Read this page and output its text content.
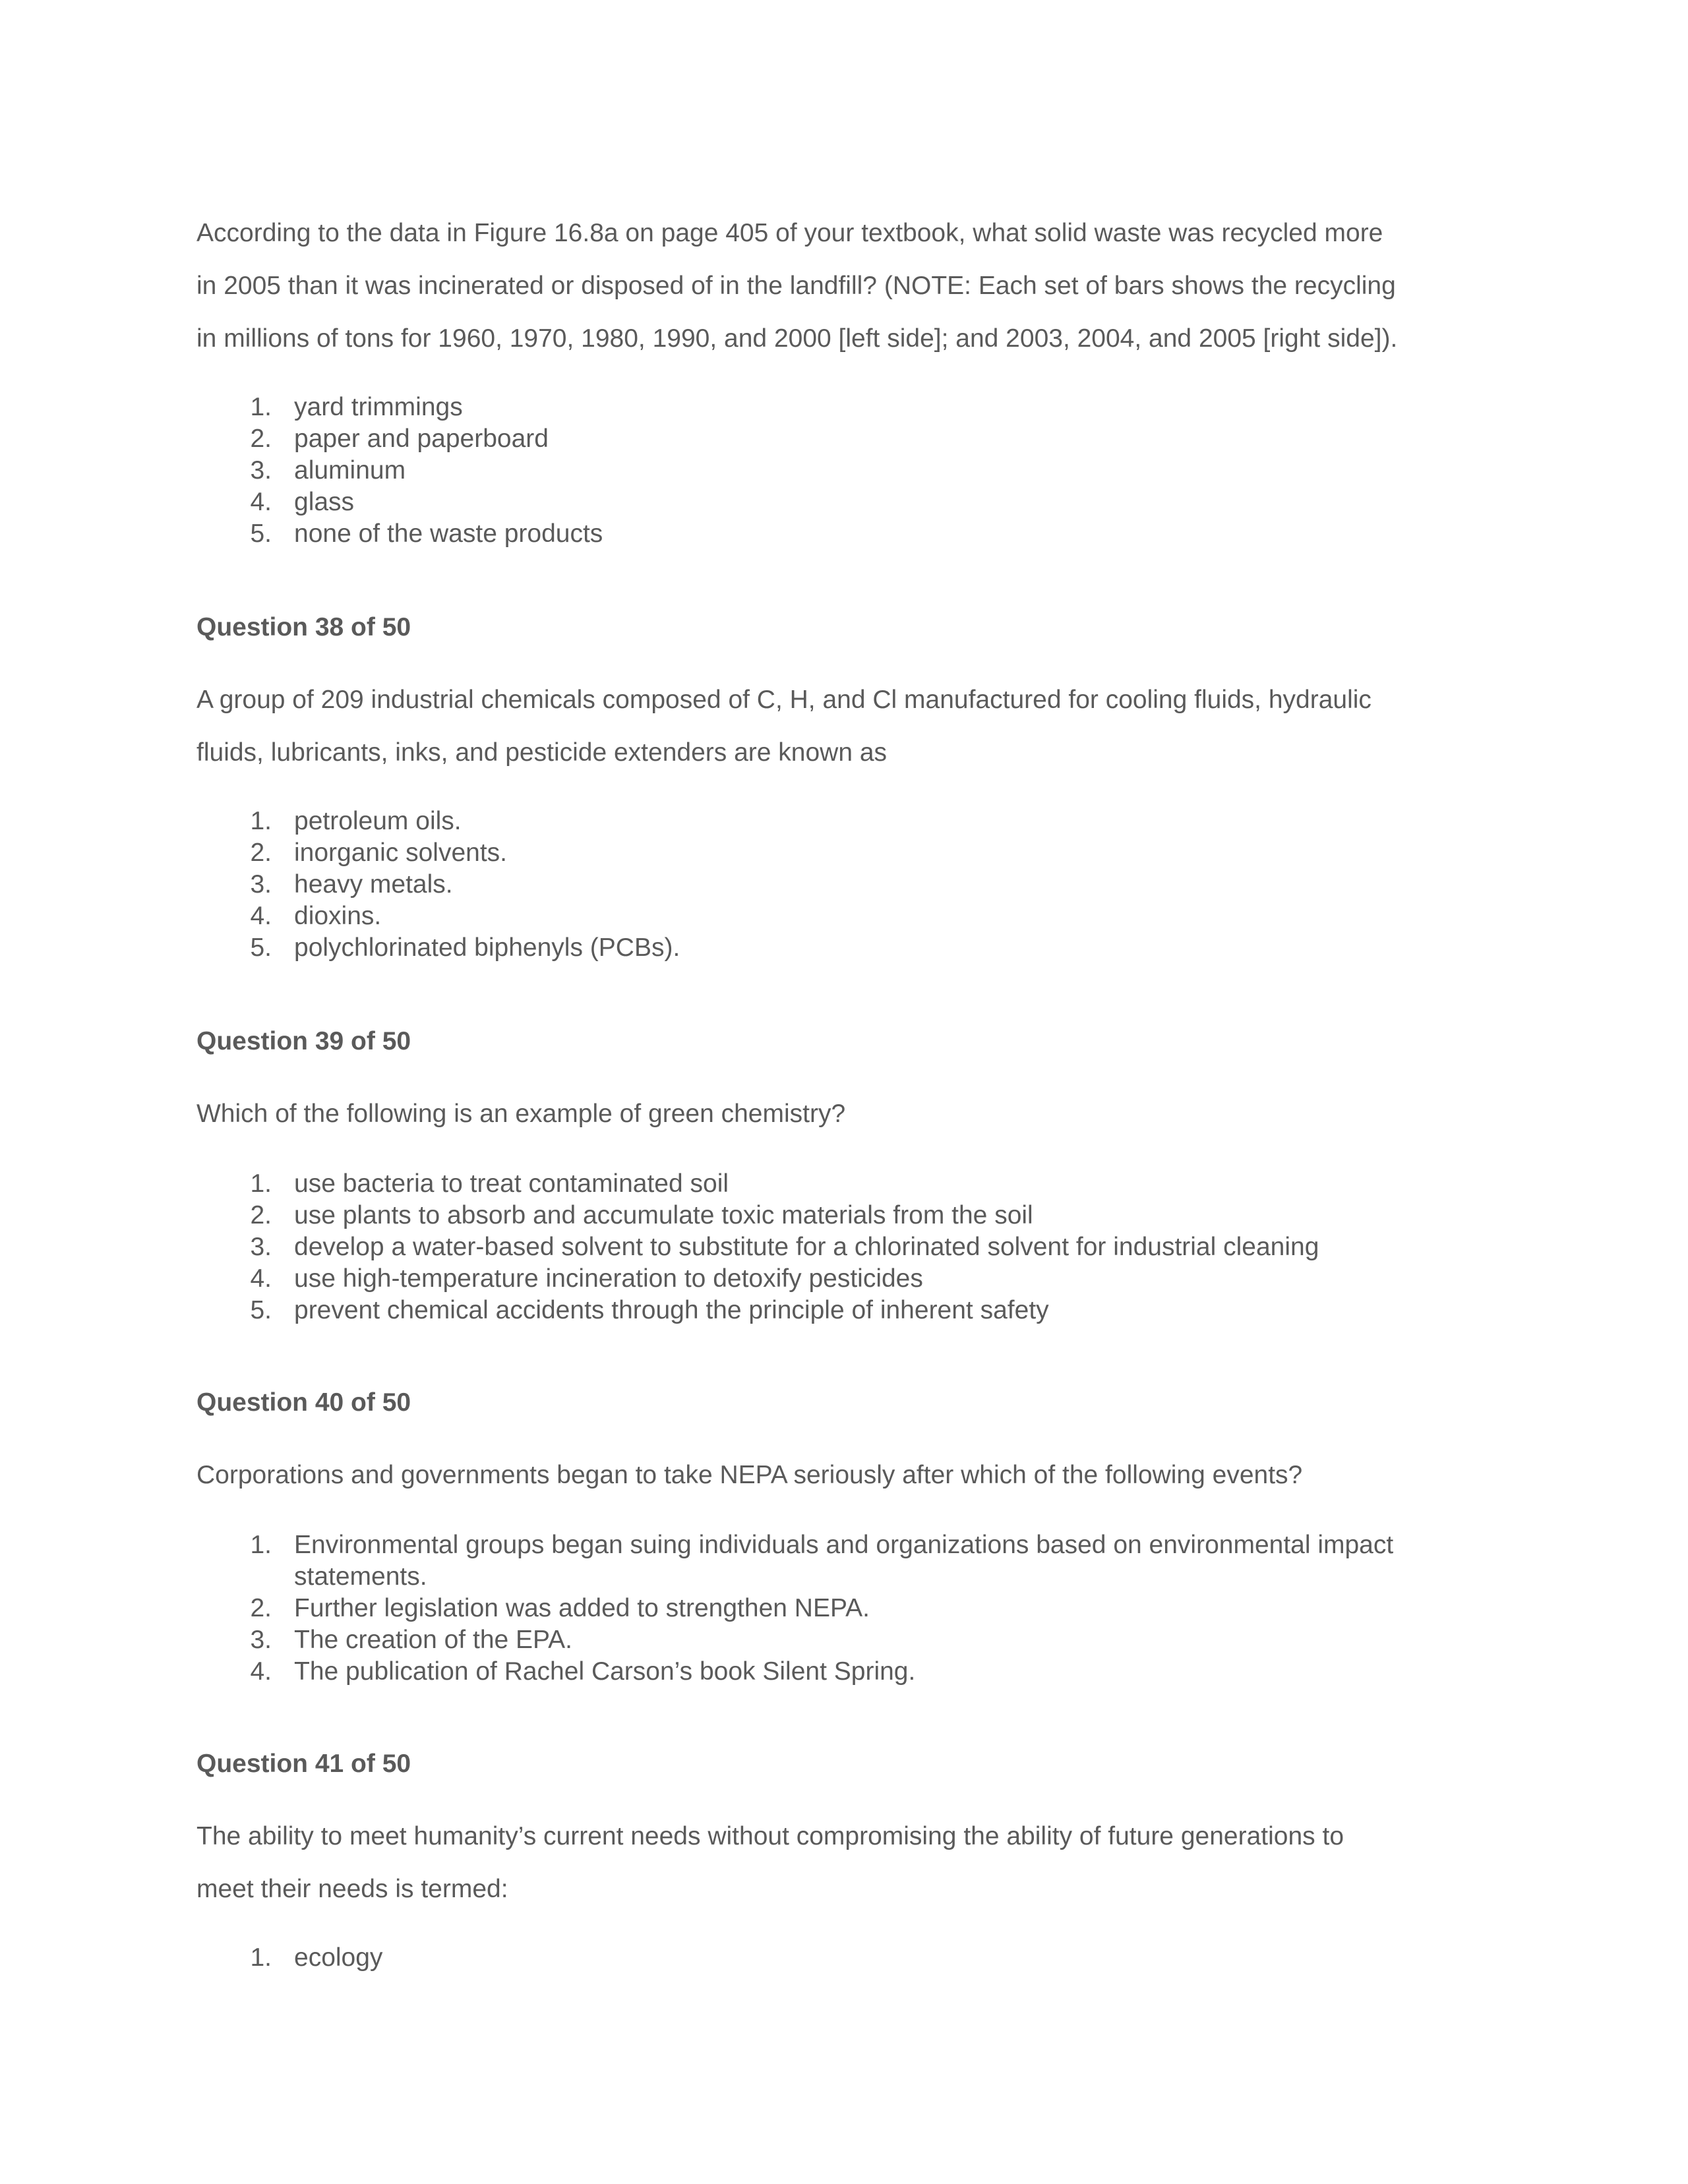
According to the data in Figure 16.8a on page 405 of your textbook, what solid waste was recycled more
in 2005 than it was incinerated or disposed of in the landfill? (NOTE: Each set of bars shows the recycling
in millions of tons for 1960, 1970, 1980, 1990, and 2000 [left side]; and 2003, 2004, and 2005 [right side]).
1. yard trimmings
2. paper and paperboard
3. aluminum
4. glass
5. none of the waste products
Question 38 of 50
A group of 209 industrial chemicals composed of C, H, and Cl manufactured for cooling fluids, hydraulic
fluids, lubricants, inks, and pesticide extenders are known as
1. petroleum oils.
2. inorganic solvents.
3. heavy metals.
4. dioxins.
5. polychlorinated biphenyls (PCBs).
Question 39 of 50
Which of the following is an example of green chemistry?
1. use bacteria to treat contaminated soil
2. use plants to absorb and accumulate toxic materials from the soil
3. develop a water-based solvent to substitute for a chlorinated solvent for industrial cleaning
4. use high-temperature incineration to detoxify pesticides
5. prevent chemical accidents through the principle of inherent safety
Question 40 of 50
Corporations and governments began to take NEPA seriously after which of the following events?
1. Environmental groups began suing individuals and organizations based on environmental impact
statements.
2. Further legislation was added to strengthen NEPA.
3. The creation of the EPA.
4. The publication of Rachel Carson’s book Silent Spring.
Question 41 of 50
The ability to meet humanity’s current needs without compromising the ability of future generations to
meet their needs is termed:
1. ecology
